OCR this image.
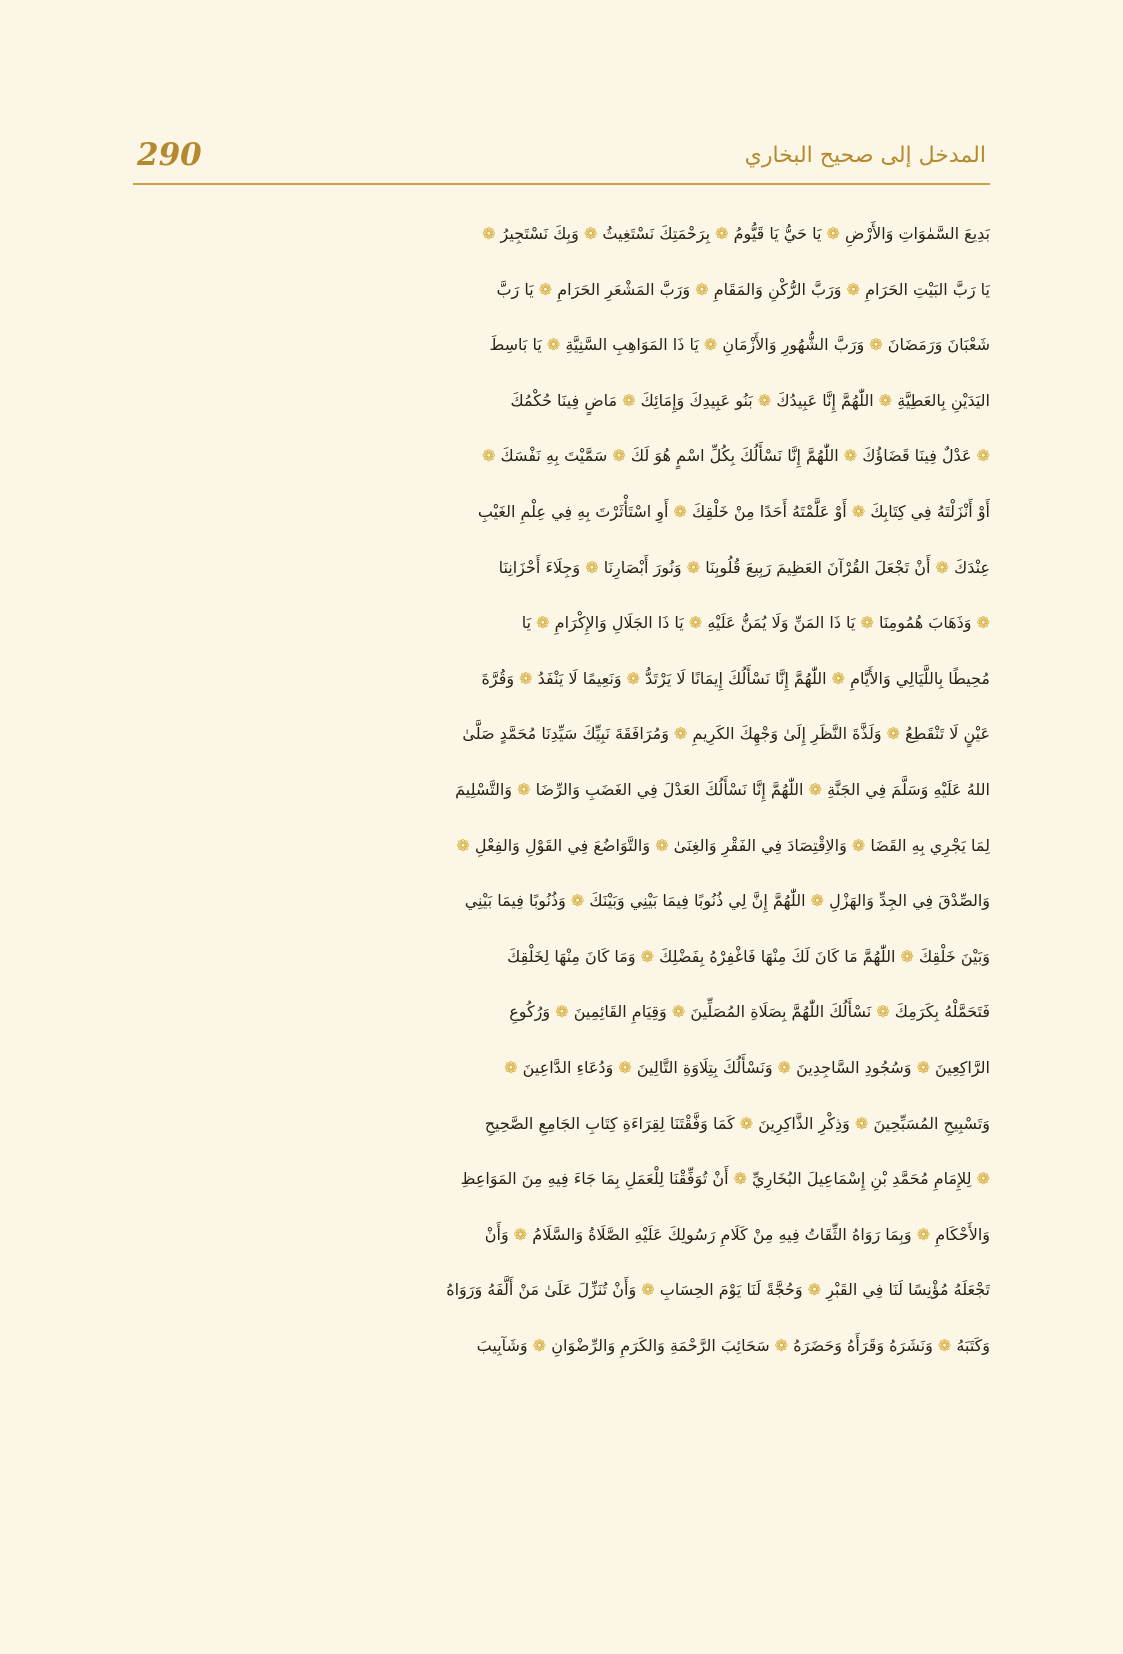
290	المدخل إلى صحيح البخاري
بَدِيعَ السَّمٰوَاتِ وَالأَرْضِ ❁ يَا حَيُّ يَا قَيُّومُ ❁ بِرَحْمَتِكَ نَسْتَغِيثُ ❁ وَبِكَ نَسْتَجِيرُ ❁
يَا رَبَّ البَيْتِ الحَرَامِ ❁ وَرَبَّ الرُّكْنِ وَالمَقَامِ ❁ وَرَبَّ المَشْعَرِ الحَرَامِ ❁ يَا رَبَّ
شَعْبَانَ وَرَمَضَانَ ❁ وَرَبَّ الشُّهُورِ وَالأَزْمَانِ ❁ يَا ذَا المَوَاهِبِ السَّنِيَّةِ ❁ يَا بَاسِطَ
اليَدَيْنِ بِالعَطِيَّةِ ❁ اللّٰهُمَّ إِنَّا عَبِيدُكَ ❁ بَنُو عَبِيدِكَ وَإِمَائِكَ ❁ مَاضٍ فِينَا حُكْمُكَ
❁ عَدْلٌ فِينَا قَضَاؤُكَ ❁ اللّٰهُمَّ إِنَّا نَسْأَلُكَ بِكُلِّ اسْمٍ هُوَ لَكَ ❁ سَمَّيْتَ بِهِ نَفْسَكَ ❁
أَوْ أَنْزَلْتَهُ فِي كِتَابِكَ ❁ أَوْ عَلَّمْتَهُ أَحَدًا مِنْ خَلْقِكَ ❁ أَوِ اسْتَأْثَرْتَ بِهِ فِي عِلْمِ الغَيْبِ
عِنْدَكَ ❁ أَنْ تَجْعَلَ القُرْآنَ العَظِيمَ رَبِيعَ قُلُوبِنَا ❁ وَنُورَ أَبْصَارِنَا ❁ وَجِلَاءَ أَحْزَانِنَا
❁ وَذَهَابَ هُمُومِنَا ❁ يَا ذَا المَنِّ وَلَا يُمَنُّ عَلَيْهِ ❁ يَا ذَا الجَلَالِ وَالإِكْرَامِ ❁ يَا
مُحِيطًا بِاللَّيَالِي وَالأَيَّامِ ❁ اللّٰهُمَّ إِنَّا نَسْأَلُكَ إِيمَانًا لَا يَرْتَدُّ ❁ وَنَعِيمًا لَا يَنْفَدُ ❁ وَقُرَّةَ
عَيْنٍ لَا تَنْقَطِعُ ❁ وَلَذَّةَ النَّظَرِ إِلَىٰ وَجْهِكَ الكَرِيمِ ❁ وَمُرَافَقَةَ نَبِيِّكَ سَيِّدِنَا مُحَمَّدٍ صَلَّىٰ
اللهُ عَلَيْهِ وَسَلَّمَ فِي الجَنَّةِ ❁ اللّٰهُمَّ إِنَّا نَسْأَلُكَ العَدْلَ فِي الغَضَبِ وَالرِّضَا ❁ وَالتَّسْلِيمَ
لِمَا يَجْرِي بِهِ القَضَا ❁ وَالاِقْتِصَادَ فِي الفَقْرِ وَالغِنَىٰ ❁ وَالتَّوَاضُعَ فِي القَوْلِ وَالفِعْلِ ❁
وَالصِّدْقَ فِي الجِدِّ وَالهَزْلِ ❁ اللّٰهُمَّ إِنَّ لِي ذُنُوبًا فِيمَا بَيْنِي وَبَيْنَكَ ❁ وَذُنُوبًا فِيمَا بَيْنِي
وَبَيْنَ خَلْقِكَ ❁ اللّٰهُمَّ مَا كَانَ لَكَ مِنْهَا فَاغْفِرْهُ بِفَضْلِكَ ❁ وَمَا كَانَ مِنْهَا لِخَلْقِكَ
فَتَحَمَّلْهُ بِكَرَمِكَ ❁ نَسْأَلُكَ اللّٰهُمَّ بِصَلَاةِ المُصَلِّينَ ❁ وَقِيَامِ القَائِمِينَ ❁ وَرُكُوعِ
الرَّاكِعِينَ ❁ وَسُجُودِ السَّاجِدِينَ ❁ وَنَسْأَلُكَ بِتِلَاوَةِ التَّالِينَ ❁ وَدُعَاءِ الدَّاعِينَ ❁
وَتَسْبِيحِ المُسَبِّحِينَ ❁ وَذِكْرِ الذَّاكِرِينَ ❁ كَمَا وَفَّقْتَنَا لِقِرَاءَةِ كِتَابِ الجَامِعِ الصَّحِيحِ
❁ لِلإِمَامِ مُحَمَّدِ بْنِ إِسْمَاعِيلَ البُخَارِيِّ ❁ أَنْ تُوَفِّقْنَا لِلْعَمَلِ بِمَا جَاءَ فِيهِ مِنَ المَوَاعِظِ
وَالأَحْكَامِ ❁ وَبِمَا رَوَاهُ الثِّقَاتُ فِيهِ مِنْ كَلَامِ رَسُولِكَ عَلَيْهِ الصَّلَاةُ وَالسَّلَامُ ❁ وَأَنْ
تَجْعَلَهُ مُؤْنِسًا لَنَا فِي القَبْرِ ❁ وَحُجَّةً لَنَا يَوْمَ الحِسَابِ ❁ وَأَنْ تُنَزِّلَ عَلَىٰ مَنْ أَلَّفَهُ وَرَوَاهُ
وَكَتَبَهُ ❁ وَنَشَرَهُ وَقَرَأَهُ وَحَضَرَهُ ❁ سَحَائِبَ الرَّحْمَةِ وَالكَرَمِ وَالرِّضْوَانِ ❁ وَشَآبِيبَ
